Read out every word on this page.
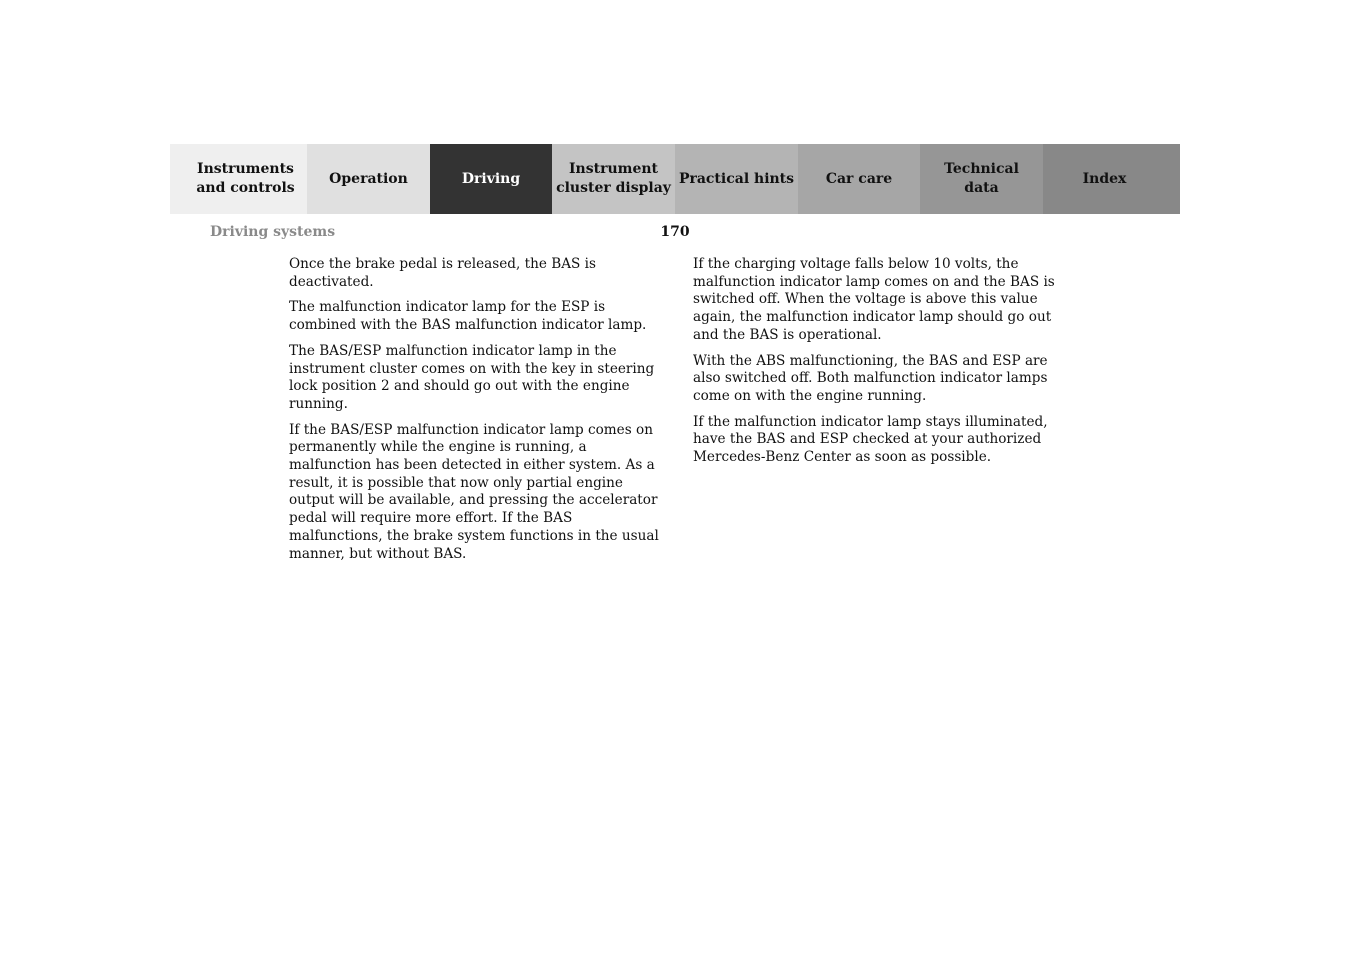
Instruments
and controls
Operation	Driving
Instrument
cluster display
Practical hints	Car care
Technical
data
Index
Driving systems	170

Once the brake pedal is released, the BAS is deactivated.

The malfunction indicator lamp for the ESP is combined with the BAS malfunction indicator lamp.

The BAS/ESP malfunction indicator lamp in the instrument cluster comes on with the key in steering lock position 2 and should go out with the engine running.

If the BAS/ESP malfunction indicator lamp comes on permanently while the engine is running, a malfunction has been detected in either system. As a result, it is possible that now only partial engine output will be available, and pressing the accelerator pedal will require more effort. If the BAS malfunctions, the brake system functions in the usual manner, but without BAS.

If the charging voltage falls below 10 volts, the malfunction indicator lamp comes on and the BAS is switched off. When the voltage is above this value again, the malfunction indicator lamp should go out and the BAS is operational.

With the ABS malfunctioning, the BAS and ESP are also switched off. Both malfunction indicator lamps come on with the engine running.

If the malfunction indicator lamp stays illuminated, have the BAS and ESP checked at your authorized Mercedes-Benz Center as soon as possible.
